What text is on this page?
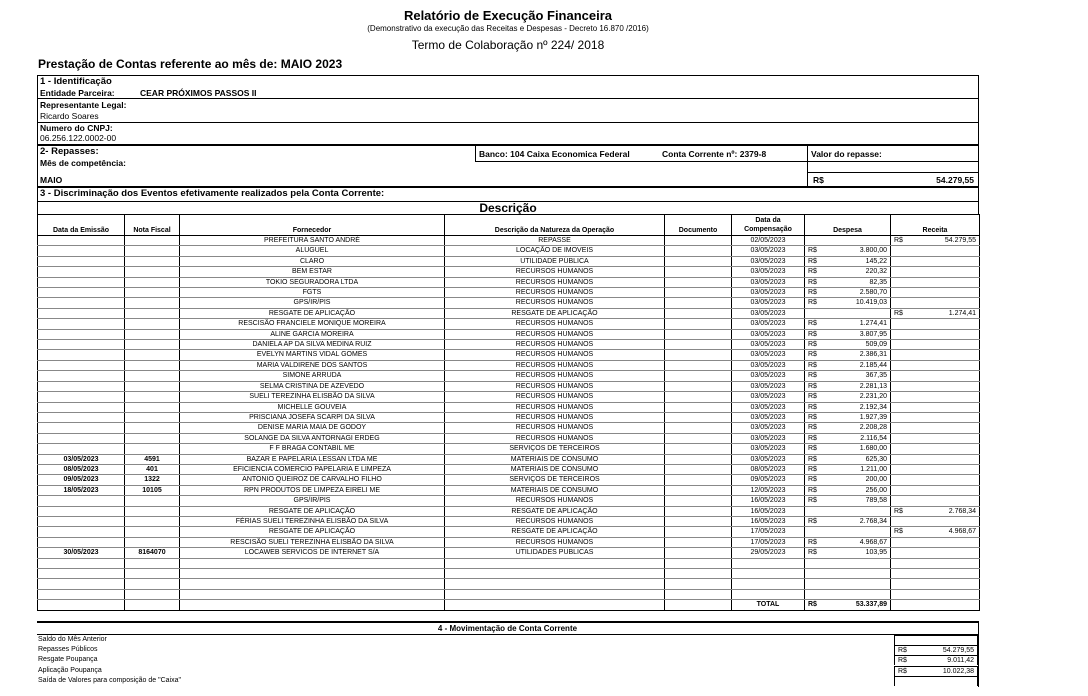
Relatório de Execução Financeira
(Demonstrativo da execução das Receitas e Despesas - Decreto 16.870 /2016)
Termo de Colaboração nº 224/ 2018
Prestação de Contas referente ao mês de: MAIO 2023
1 - Identificação
Entidade Parceira:	CEAR PRÓXIMOS PASSOS II
Representante Legal:
Ricardo Soares
Numero do CNPJ:
06.256.122.0002-00
2- Repasses:
Mês de competência:
MAIO
Banco: 104 Caixa Economica Federal	Conta Corrente nº: 2379-8	Valor do repasse:
R$	54.279,55
3 - Discriminação dos Eventos efetivamente realizados pela Conta Corrente:
Descrição
Data da Emissão	Nota Fiscal	Fornecedor	Descrição da Natureza da Operação	Documento	Data da Compensação	Despesa	Receita
		PREFEITURA SANTO ANDRÉ	REPASSE		02/05/2023		R$ 54.279,55

		ALUGUEL	LOCAÇÃO DE IMOVEIS		03/05/2023	R$ 3.800,00	

		CLARO	UTILIDADE PÚBLICA		03/05/2023	R$ 145,22	

		BEM ESTAR	RECURSOS HUMANOS		03/05/2023	R$ 220,32	

		TOKIO SEGURADORA LTDA	RECURSOS HUMANOS		03/05/2023	R$ 82,35	

		FGTS	RECURSOS HUMANOS		03/05/2023	R$ 2.580,70	

		GPS/IR/PIS	RECURSOS HUMANOS		03/05/2023	R$ 10.419,03	

		RESGATE DE APLICAÇÃO	RESGATE DE APLICAÇÃO		03/05/2023		R$ 1.274,41

		RESCISÃO FRANCIELE MONIQUE MOREIRA	RECURSOS HUMANOS		03/05/2023	R$ 1.274,41	

		ALINE GARCIA MOREIRA	RECURSOS HUMANOS		03/05/2023	R$ 3.807,95	

		DANIELA AP DA SILVA MEDINA RUIZ	RECURSOS HUMANOS		03/05/2023	R$ 509,09	

		EVELYN MARTINS VIDAL GOMES	RECURSOS HUMANOS		03/05/2023	R$ 2.386,31	

		MARIA VALDIRENE DOS SANTOS	RECURSOS HUMANOS		03/05/2023	R$ 2.185,44	

		SIMONE ARRUDA	RECURSOS HUMANOS		03/05/2023	R$ 367,35	

		SELMA CRISTINA DE AZEVEDO	RECURSOS HUMANOS		03/05/2023	R$ 2.281,13	

		SUELI TEREZINHA ELISBÃO DA SILVA	RECURSOS HUMANOS		03/05/2023	R$ 2.231,20	

		MICHELLE GOUVEIA	RECURSOS HUMANOS		03/05/2023	R$ 2.192,34	

		PRISCIANA JOSEFA SCARPI DA SILVA	RECURSOS HUMANOS		03/05/2023	R$ 1.927,39	

		DENISE MARIA MAIA DE GODOY	RECURSOS HUMANOS		03/05/2023	R$ 2.208,28	

		SOLANGE DA SILVA ANTORNAGI ERDEG	RECURSOS HUMANOS		03/05/2023	R$ 2.116,54	

		F F BRAGA CONTABIL ME	SERVIÇOS DE TERCEIROS		03/05/2023	R$ 1.680,00	

03/05/2023	4591	BAZAR E PAPELARIA LESSAN LTDA ME	MATERIAIS DE CONSUMO		03/05/2023	R$ 625,30	

08/05/2023	401	EFICIENCIA COMERCIO PAPELARIA E LIMPEZA	MATERIAIS DE CONSUMO		08/05/2023	R$ 1.211,00	

09/05/2023	1322	ANTONIO QUEIROZ DE CARVALHO FILHO	SERVIÇOS DE TERCEIROS		09/05/2023	R$ 200,00	

18/05/2023	10105	RPN PRODUTOS DE LIMPEZA EIRELI ME	MATERIAIS DE CONSUMO		12/05/2023	R$ 256,00	

		GPS/IR/PIS	RECURSOS HUMANOS		16/05/2023	R$ 789,58	

		RESGATE DE APLICAÇÃO	RESGATE DE APLICAÇÃO		16/05/2023		R$ 2.768,34

		FÉRIAS SUELI TEREZINHA ELISBÃO DA SILVA	RECURSOS HUMANOS		16/05/2023	R$ 2.768,34	

		RESGATE DE APLICAÇÃO	RESGATE DE APLICAÇÃO		17/05/2023		R$ 4.968,67

		RESCISÃO SUELI TEREZINHA ELISBÃO DA SILVA	RECURSOS HUMANOS		17/05/2023	R$ 4.968,67	

30/05/2023	8164070	LOCAWEB SERVICOS DE INTERNET S/A	UTILIDADES PUBLICAS		29/05/2023	R$ 103,95	

					TOTAL	R$ 53.337,89	

4 - Movimentação de Conta Corrente
Saldo do Mês Anterior
Repasses Públicos	R$	54.279,55
Resgate Poupança	R$	9.011,42
Aplicação Poupança	R$	10.022,38
Saída de Valores para composição de "Caixa"
